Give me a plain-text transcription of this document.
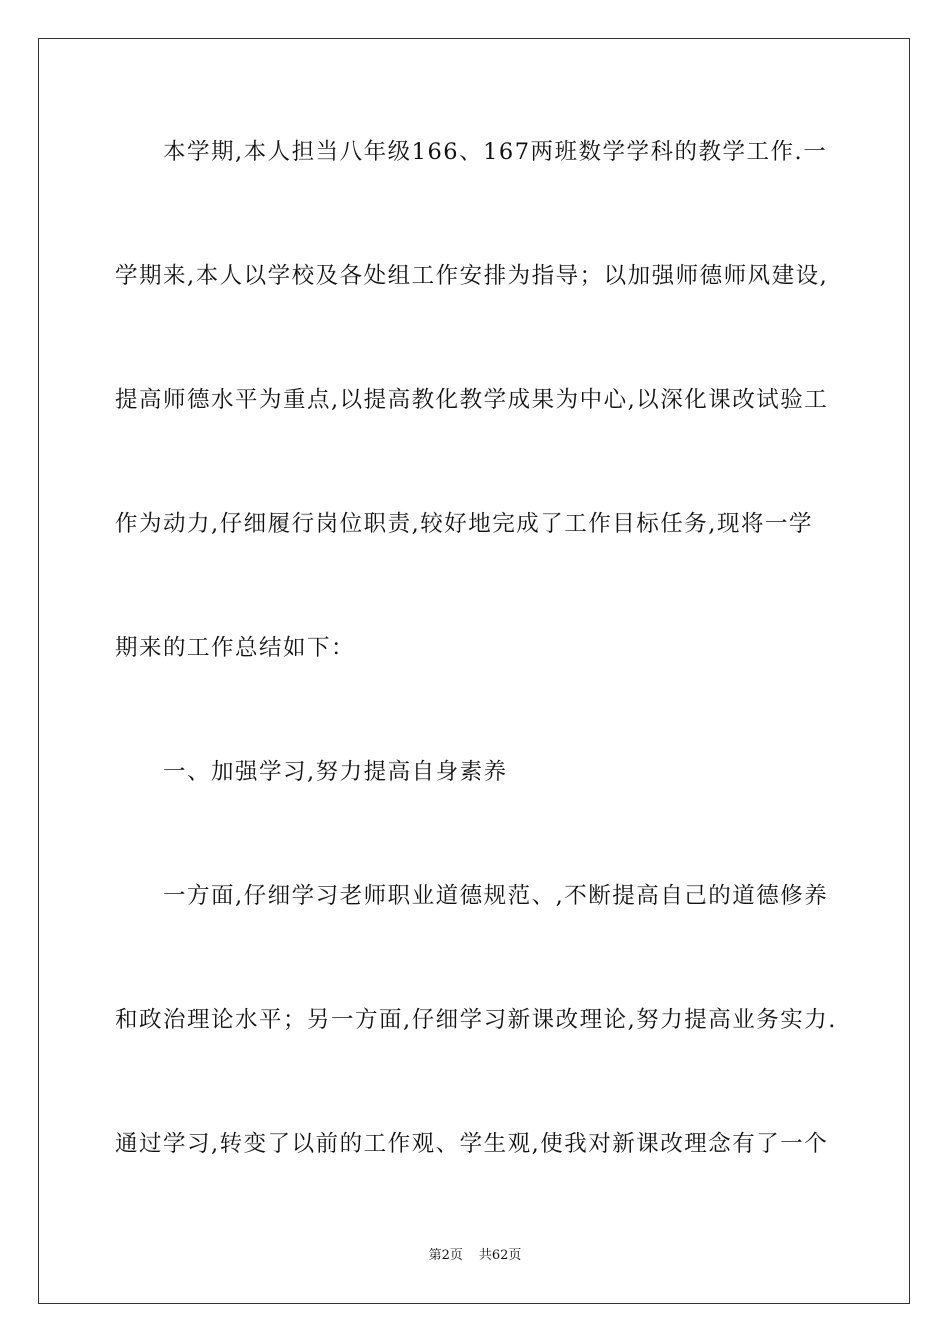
本学期,本人担当八年级166、167两班数学学科的教学工作.一
学期来,本人以学校及各处组工作安排为指导；以加强师德师风建设,
提高师德水平为重点,以提高教化教学成果为中心,以深化课改试验工
作为动力,仔细履行岗位职责,较好地完成了工作目标任务,现将一学
期来的工作总结如下：
一、加强学习,努力提高自身素养
一方面,仔细学习老师职业道德规范、,不断提高自己的道德修养
和政治理论水平；另一方面,仔细学习新课改理论,努力提高业务实力.
通过学习,转变了以前的工作观、学生观,使我对新课改理念有了一个
第2页 共62页
